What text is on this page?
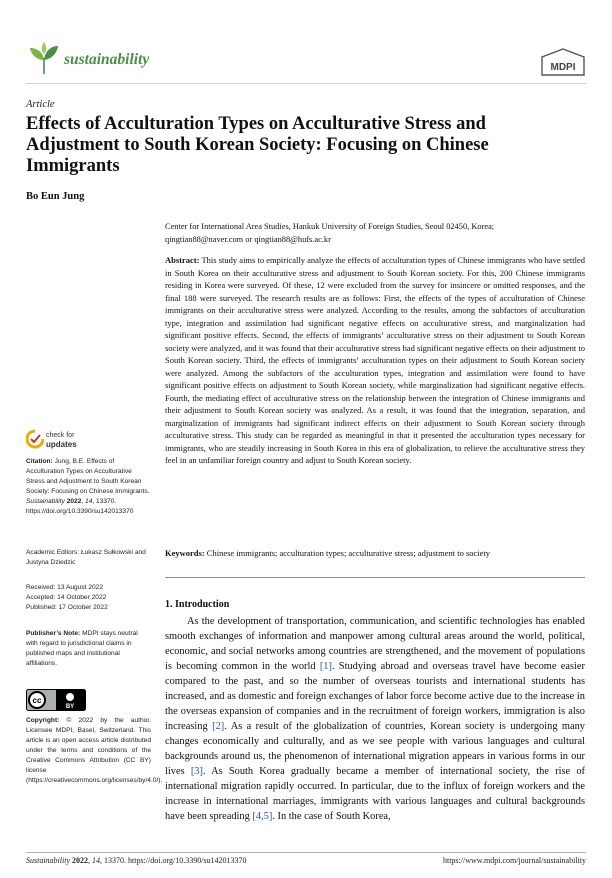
sustainability	MDPI
Article
Effects of Acculturation Types on Acculturative Stress and Adjustment to South Korean Society: Focusing on Chinese Immigrants
Bo Eun Jung
Center for International Area Studies, Hankuk University of Foreign Studies, Seoul 02450, Korea;
qingtian88@naver.com or qingtian88@hufs.ac.kr
Abstract: This study aims to empirically analyze the effects of acculturation types of Chinese immigrants who have settled in South Korea on their acculturative stress and adjustment to South Korean society. For this, 200 Chinese immigrants residing in Korea were surveyed. Of these, 12 were excluded from the survey for insincere or omitted responses, and the final 188 were surveyed. The research results are as follows: First, the effects of the types of acculturation of Chinese immigrants on their acculturative stress were analyzed. According to the results, among the subfactors of acculturation type, integration and assimilation had significant negative effects on acculturative stress, and marginalization had significant positive effects. Second, the effects of immigrants’ acculturative stress on their adjustment to South Korean society were analyzed, and it was found that their acculturative stress had significant negative effects on their adjustment to South Korean society. Third, the effects of immigrants’ acculturation types on their adjustment to South Korean society were analyzed. Among the subfactors of the acculturation types, integration and assimilation were found to have significant positive effects on adjustment to South Korean society, while marginalization had significant negative effects. Fourth, the mediating effect of acculturative stress on the relationship between the integration of Chinese immigrants and their adjustment to South Korean society was analyzed. As a result, it was found that the integration, separation, and marginalization of immigrants had significant indirect effects on their adjustment to South Korean society through acculturative stress. This study can be regarded as meaningful in that it presented the acculturation types necessary for immigrants, who are steadily increasing in South Korea in this era of globalization, to relieve the acculturative stress they feel in an unfamiliar foreign country and adjust to South Korean society.
Keywords: Chinese immigrants; acculturation types; acculturative stress; adjustment to society
1. Introduction
As the development of transportation, communication, and scientific technologies has enabled smooth exchanges of information and manpower among cultural areas around the world, political, economic, and social networks among countries are strengthened, and the movement of populations is becoming common in the world [1]. Studying abroad and overseas travel have become easier compared to the past, and so the number of overseas tourists and international students has increased, and as domestic and foreign exchanges of labor force become active due to the increase in the overseas expansion of companies and in the recruitment of foreign workers, immigration is also increasing [2]. As a result of the globalization of countries, Korean society is undergoing many changes economically and culturally, and as we see people with various languages and cultural backgrounds around us, the phenomenon of international migration appears in various forms in our lives [3]. As South Korea gradually became a member of international society, the rise of international migration rapidly occurred. In particular, due to the influx of foreign workers and the increase in international marriages, immigrants with various languages and cultural backgrounds have been spreading [4,5]. In the case of South Korea,
check for
updates
Citation: Jung, B.E. Effects of Acculturation Types on Acculturative Stress and Adjustment to South Korean Society: Focusing on Chinese Immigrants. Sustainability 2022, 14, 13370. https://doi.org/10.3390/su142013370
Academic Editors: Łukasz Sułkowski and Justyna Dziedzic
Received: 13 August 2022
Accepted: 14 October 2022
Published: 17 October 2022
Publisher’s Note: MDPI stays neutral with regard to jurisdictional claims in published maps and institutional affiliations.
cc
BY
Copyright: © 2022 by the author. Licensee MDPI, Basel, Switzerland. This article is an open access article distributed under the terms and conditions of the Creative Commons Attribution (CC BY) license (https://creativecommons.org/licenses/by/4.0/).
Sustainability 2022, 14, 13370. https://doi.org/10.3390/su142013370	https://www.mdpi.com/journal/sustainability
